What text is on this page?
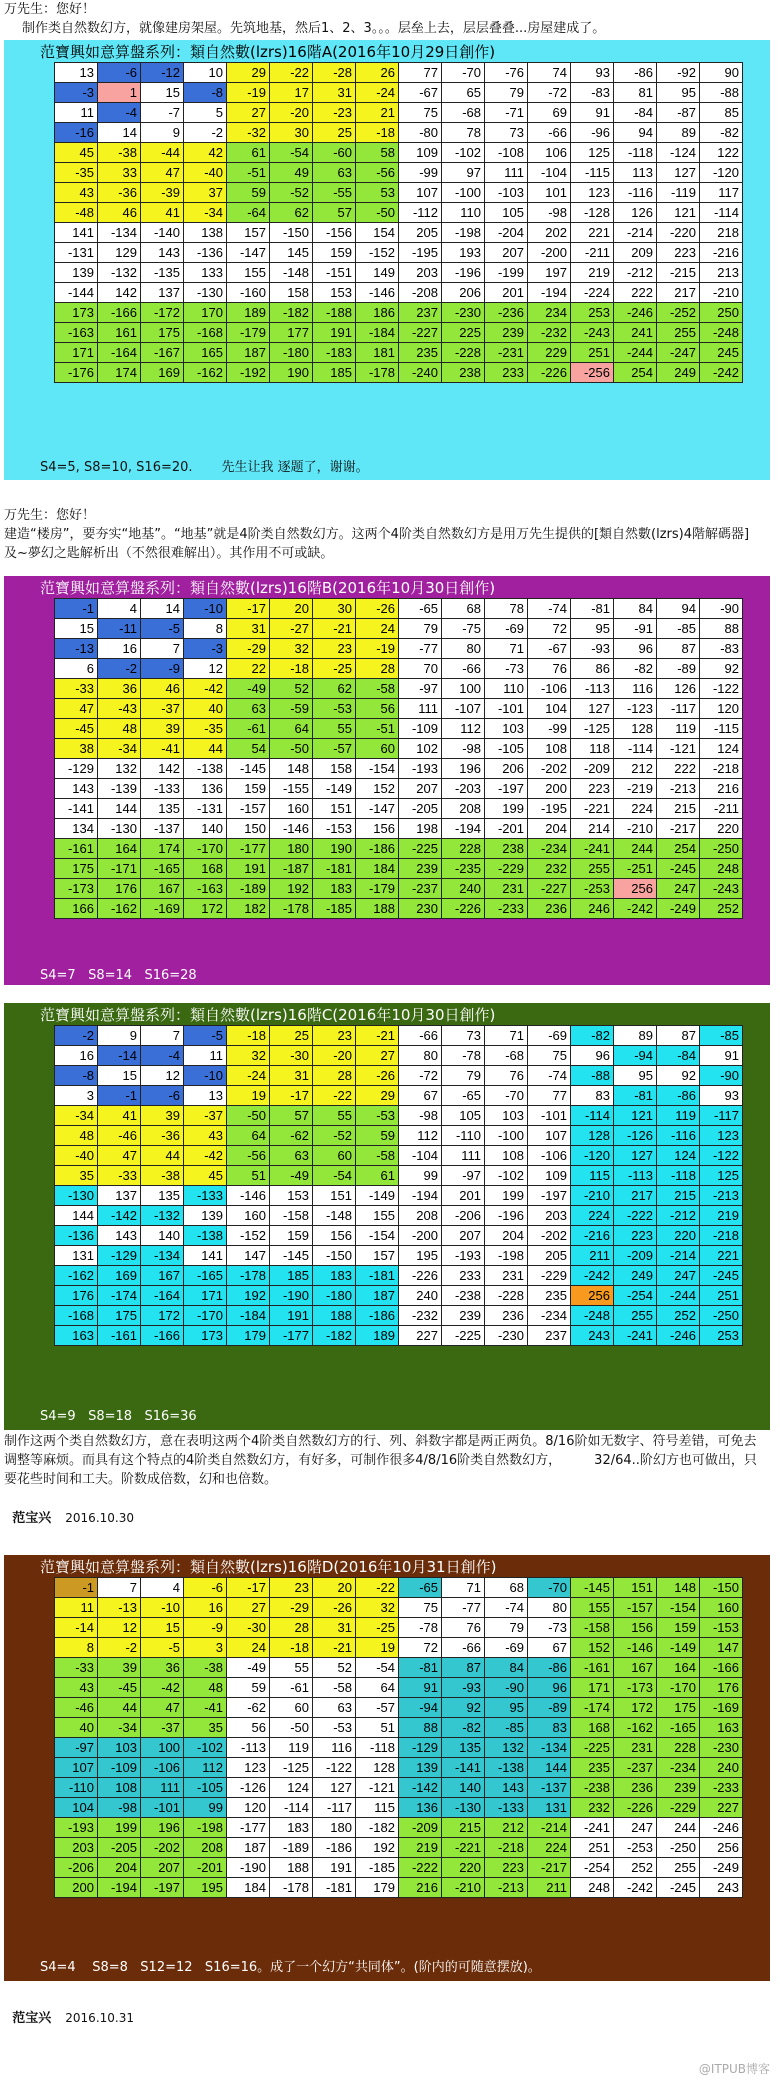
万先生：您好！
制作类自然数幻方，就像建房架屋。先筑地基，然后1、2、3。。。层垒上去，层层叠叠...房屋建成了。
范寶興如意算盤系列：類自然數(lzrs)16階A(2016年10月29日創作)
13	-6	-12	10	29	-22	-28	26	77	-70	-76	74	93	-86	-92	90
-3	1	15	-8	-19	17	31	-24	-67	65	79	-72	-83	81	95	-88
11	-4	-7	5	27	-20	-23	21	75	-68	-71	69	91	-84	-87	85
-16	14	9	-2	-32	30	25	-18	-80	78	73	-66	-96	94	89	-82
45	-38	-44	42	61	-54	-60	58	109	-102	-108	106	125	-118	-124	122
-35	33	47	-40	-51	49	63	-56	-99	97	111	-104	-115	113	127	-120
43	-36	-39	37	59	-52	-55	53	107	-100	-103	101	123	-116	-119	117
-48	46	41	-34	-64	62	57	-50	-112	110	105	-98	-128	126	121	-114
141	-134	-140	138	157	-150	-156	154	205	-198	-204	202	221	-214	-220	218
-131	129	143	-136	-147	145	159	-152	-195	193	207	-200	-211	209	223	-216
139	-132	-135	133	155	-148	-151	149	203	-196	-199	197	219	-212	-215	213
-144	142	137	-130	-160	158	153	-146	-208	206	201	-194	-224	222	217	-210
173	-166	-172	170	189	-182	-188	186	237	-230	-236	234	253	-246	-252	250
-163	161	175	-168	-179	177	191	-184	-227	225	239	-232	-243	241	255	-248
171	-164	-167	165	187	-180	-183	181	235	-228	-231	229	251	-244	-247	245
-176	174	169	-162	-192	190	185	-178	-240	238	233	-226	-256	254	249	-242
S4=5, S8=10, S16=20.       先生让我 逐题了，谢谢。
万先生：您好！
建造“楼房”，要夯实“地基”。“地基”就是4阶类自然数幻方。这两个4阶类自然数幻方是用万先生提供的[類自然數(lzrs)4階解碼器] 及~夢幻之匙解析出（不然很难解出）。其作用不可或缺。
范寶興如意算盤系列：類自然數(lzrs)16階B(2016年10月30日創作)
-1	4	14	-10	-17	20	30	-26	-65	68	78	-74	-81	84	94	-90
15	-11	-5	8	31	-27	-21	24	79	-75	-69	72	95	-91	-85	88
-13	16	7	-3	-29	32	23	-19	-77	80	71	-67	-93	96	87	-83
6	-2	-9	12	22	-18	-25	28	70	-66	-73	76	86	-82	-89	92
-33	36	46	-42	-49	52	62	-58	-97	100	110	-106	-113	116	126	-122
47	-43	-37	40	63	-59	-53	56	111	-107	-101	104	127	-123	-117	120
-45	48	39	-35	-61	64	55	-51	-109	112	103	-99	-125	128	119	-115
38	-34	-41	44	54	-50	-57	60	102	-98	-105	108	118	-114	-121	124
-129	132	142	-138	-145	148	158	-154	-193	196	206	-202	-209	212	222	-218
143	-139	-133	136	159	-155	-149	152	207	-203	-197	200	223	-219	-213	216
-141	144	135	-131	-157	160	151	-147	-205	208	199	-195	-221	224	215	-211
134	-130	-137	140	150	-146	-153	156	198	-194	-201	204	214	-210	-217	220
-161	164	174	-170	-177	180	190	-186	-225	228	238	-234	-241	244	254	-250
175	-171	-165	168	191	-187	-181	184	239	-235	-229	232	255	-251	-245	248
-173	176	167	-163	-189	192	183	-179	-237	240	231	-227	-253	256	247	-243
166	-162	-169	172	182	-178	-185	188	230	-226	-233	236	246	-242	-249	252
S4=7   S8=14   S16=28
范寶興如意算盤系列：類自然數(lzrs)16階C(2016年10月30日創作)
-2	9	7	-5	-18	25	23	-21	-66	73	71	-69	-82	89	87	-85
16	-14	-4	11	32	-30	-20	27	80	-78	-68	75	96	-94	-84	91
-8	15	12	-10	-24	31	28	-26	-72	79	76	-74	-88	95	92	-90
3	-1	-6	13	19	-17	-22	29	67	-65	-70	77	83	-81	-86	93
-34	41	39	-37	-50	57	55	-53	-98	105	103	-101	-114	121	119	-117
48	-46	-36	43	64	-62	-52	59	112	-110	-100	107	128	-126	-116	123
-40	47	44	-42	-56	63	60	-58	-104	111	108	-106	-120	127	124	-122
35	-33	-38	45	51	-49	-54	61	99	-97	-102	109	115	-113	-118	125
-130	137	135	-133	-146	153	151	-149	-194	201	199	-197	-210	217	215	-213
144	-142	-132	139	160	-158	-148	155	208	-206	-196	203	224	-222	-212	219
-136	143	140	-138	-152	159	156	-154	-200	207	204	-202	-216	223	220	-218
131	-129	-134	141	147	-145	-150	157	195	-193	-198	205	211	-209	-214	221
-162	169	167	-165	-178	185	183	-181	-226	233	231	-229	-242	249	247	-245
176	-174	-164	171	192	-190	-180	187	240	-238	-228	235	256	-254	-244	251
-168	175	172	-170	-184	191	188	-186	-232	239	236	-234	-248	255	252	-250
163	-161	-166	173	179	-177	-182	189	227	-225	-230	237	243	-241	-246	253
S4=9   S8=18   S16=36
制作这两个类自然数幻方，意在表明这两个4阶类自然数幻方的行、列、斜数字都是两正两负。8/16阶如无数字、符号差错，可免去调整等麻烦。而具有这个特点的4阶类自然数幻方，有好多，可制作很多4/8/16阶类自然数幻方，        32/64..阶幻方也可做出，只要花些时间和工夫。阶数成倍数，幻和也倍数。

范宝兴 2016.10.30

范寶興如意算盤系列：類自然數(lzrs)16階D(2016年10月31日創作)
-1	7	4	-6	-17	23	20	-22	-65	71	68	-70	-145	151	148	-150
11	-13	-10	16	27	-29	-26	32	75	-77	-74	80	155	-157	-154	160
-14	12	15	-9	-30	28	31	-25	-78	76	79	-73	-158	156	159	-153
8	-2	-5	3	24	-18	-21	19	72	-66	-69	67	152	-146	-149	147
-33	39	36	-38	-49	55	52	-54	-81	87	84	-86	-161	167	164	-166
43	-45	-42	48	59	-61	-58	64	91	-93	-90	96	171	-173	-170	176
-46	44	47	-41	-62	60	63	-57	-94	92	95	-89	-174	172	175	-169
40	-34	-37	35	56	-50	-53	51	88	-82	-85	83	168	-162	-165	163
-97	103	100	-102	-113	119	116	-118	-129	135	132	-134	-225	231	228	-230
107	-109	-106	112	123	-125	-122	128	139	-141	-138	144	235	-237	-234	240
-110	108	111	-105	-126	124	127	-121	-142	140	143	-137	-238	236	239	-233
104	-98	-101	99	120	-114	-117	115	136	-130	-133	131	232	-226	-229	227
-193	199	196	-198	-177	183	180	-182	-209	215	212	-214	-241	247	244	-246
203	-205	-202	208	187	-189	-186	192	219	-221	-218	224	251	-253	-250	256
-206	204	207	-201	-190	188	191	-185	-222	220	223	-217	-254	252	255	-249
200	-194	-197	195	184	-178	-181	179	216	-210	-213	211	248	-242	-245	243
S4=4    S8=8   S12=12   S16=16。成了一个幻方“共同体”。(阶内的可随意摆放)。

范宝兴 2016.10.31

@ITPUB博客
